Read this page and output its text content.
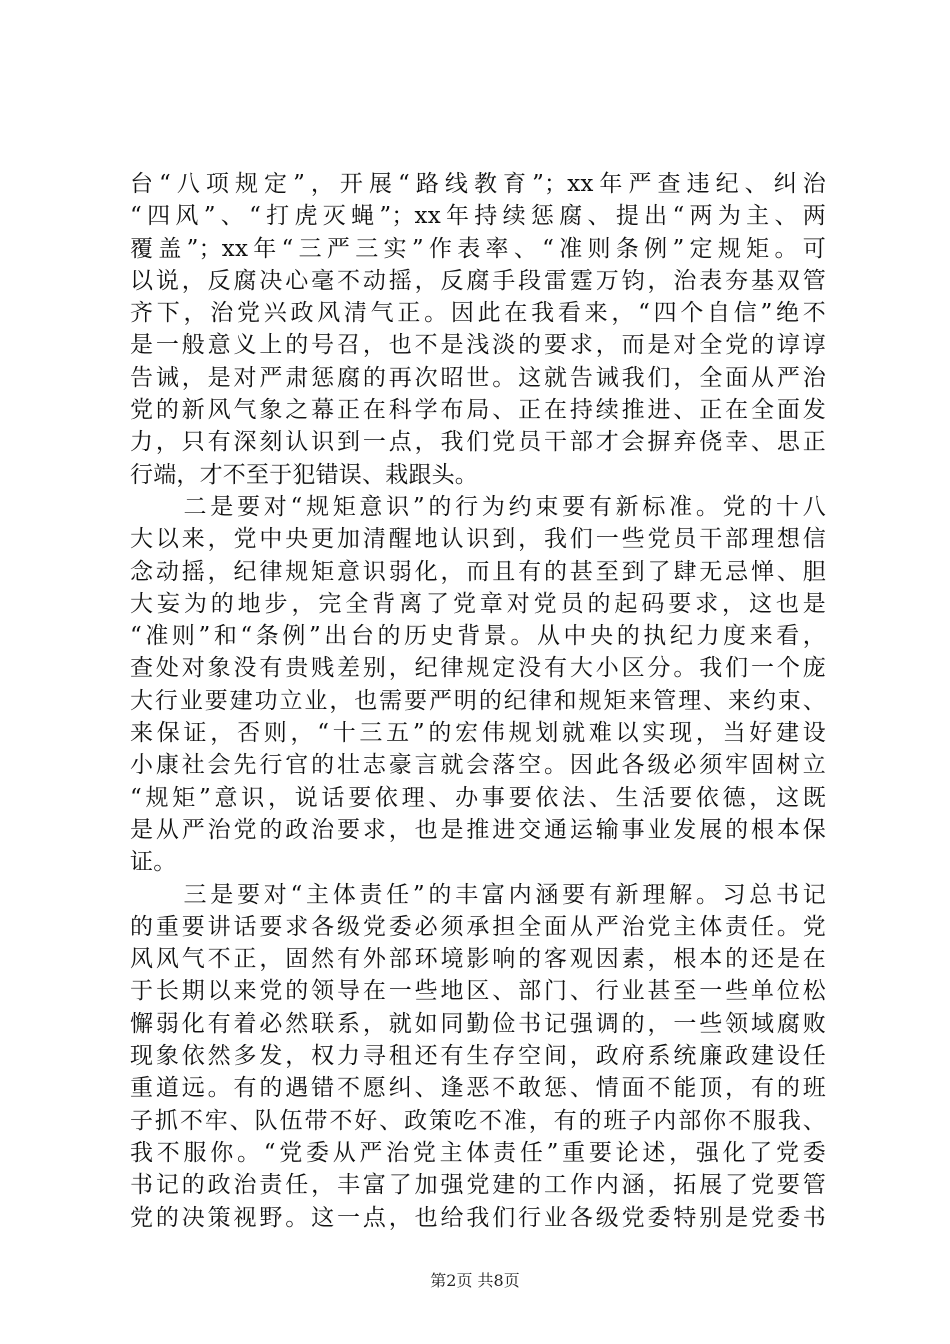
台“八项规定”，开展“路线教育”；xx年严查违纪、纠治
“四风”、“打虎灭蝇”；xx年持续惩腐、提出“两为主、两
覆盖”；xx年“三严三实”作表率、“准则条例”定规矩。可
以说，反腐决心毫不动摇，反腐手段雷霆万钧，治表夯基双管
齐下，治党兴政风清气正。因此在我看来，“四个自信”绝不
是一般意义上的号召，也不是浅淡的要求，而是对全党的谆谆
告诫，是对严肃惩腐的再次昭世。这就告诫我们，全面从严治
党的新风气象之幕正在科学布局、正在持续推进、正在全面发
力，只有深刻认识到一点，我们党员干部才会摒弃侥幸、思正
行端，才不至于犯错误、栽跟头。
　　二是要对“规矩意识”的行为约束要有新标准。党的十八
大以来，党中央更加清醒地认识到，我们一些党员干部理想信
念动摇，纪律规矩意识弱化，而且有的甚至到了肆无忌惮、胆
大妄为的地步，完全背离了党章对党员的起码要求，这也是
“准则”和“条例”出台的历史背景。从中央的执纪力度来看，
查处对象没有贵贱差别，纪律规定没有大小区分。我们一个庞
大行业要建功立业，也需要严明的纪律和规矩来管理、来约束、
来保证，否则，“十三五”的宏伟规划就难以实现，当好建设
小康社会先行官的壮志豪言就会落空。因此各级必须牢固树立
“规矩”意识，说话要依理、办事要依法、生活要依德，这既
是从严治党的政治要求，也是推进交通运输事业发展的根本保
证。
　　三是要对“主体责任”的丰富内涵要有新理解。习总书记
的重要讲话要求各级党委必须承担全面从严治党主体责任。党
风风气不正，固然有外部环境影响的客观因素，根本的还是在
于长期以来党的领导在一些地区、部门、行业甚至一些单位松
懈弱化有着必然联系，就如同勤俭书记强调的，一些领域腐败
现象依然多发，权力寻租还有生存空间，政府系统廉政建设任
重道远。有的遇错不愿纠、逢恶不敢惩、情面不能顶，有的班
子抓不牢、队伍带不好、政策吃不准，有的班子内部你不服我、
我不服你。“党委从严治党主体责任”重要论述，强化了党委
书记的政治责任，丰富了加强党建的工作内涵，拓展了党要管
党的决策视野。这一点，也给我们行业各级党委特别是党委书
第2页 共8页
